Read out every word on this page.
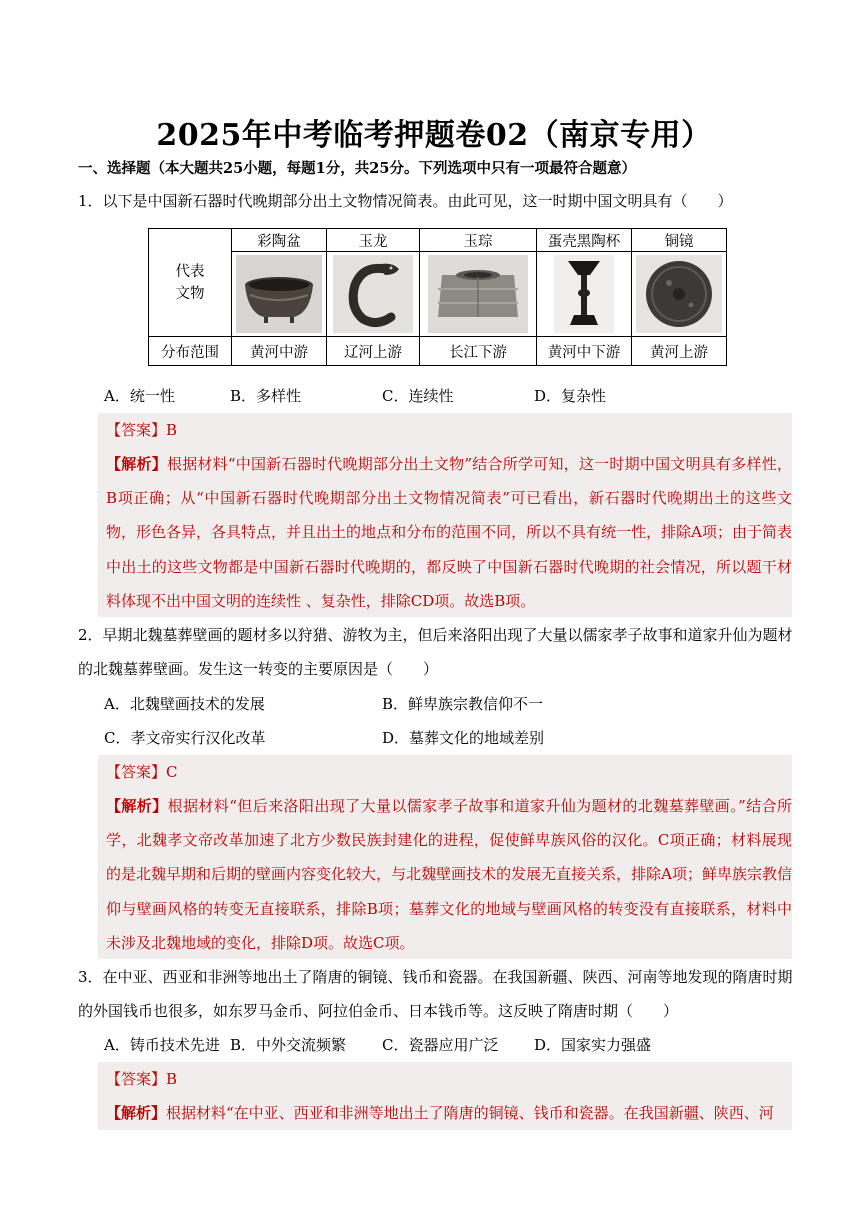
2025年中考临考押题卷02（南京专用）
一、选择题（本大题共25小题，每题1分，共25分。下列选项中只有一项最符合题意）
1．以下是中国新石器时代晚期部分出土文物情况简表。由此可见，这一时期中国文明具有（　　）
代表文物	彩陶盆	玉龙	玉琮	蛋壳黑陶杯	铜镜

分布范围	黄河中游	辽河上游	长江下游	黄河中下游	黄河上游
A．统一性	B．多样性	C．连续性	D．复杂性
【答案】B
【解析】根据材料“中国新石器时代晚期部分出土文物”结合所学可知，这一时期中国文明具有多样性，B项正确；从“中国新石器时代晚期部分出土文物情况简表”可已看出，新石器时代晚期出土的这些文物，形色各异，各具特点，并且出土的地点和分布的范围不同，所以不具有统一性，排除A项；由于简表中出土的这些文物都是中国新石器时代晚期的，都反映了中国新石器时代晚期的社会情况，所以题干材料体现不出中国文明的连续性 、复杂性，排除CD项。故选B项。
2．早期北魏墓葬壁画的题材多以狩猎、游牧为主，但后来洛阳出现了大量以儒家孝子故事和道家升仙为题材的北魏墓葬壁画。发生这一转变的主要原因是（　　）
A．北魏壁画技术的发展	B．鲜卑族宗教信仰不一
C．孝文帝实行汉化改革	D．墓葬文化的地域差别
【答案】C
【解析】根据材料“但后来洛阳出现了大量以儒家孝子故事和道家升仙为题材的北魏墓葬壁画。”结合所学，北魏孝文帝改革加速了北方少数民族封建化的进程，促使鲜卑族风俗的汉化。C项正确；材料展现的是北魏早期和后期的壁画内容变化较大，与北魏壁画技术的发展无直接关系，排除A项；鲜卑族宗教信仰与壁画风格的转变无直接联系，排除B项；墓葬文化的地域与壁画风格的转变没有直接联系，材料中未涉及北魏地域的变化，排除D项。故选C项。
3．在中亚、西亚和非洲等地出土了隋唐的铜镜、钱币和瓷器。在我国新疆、陕西、河南等地发现的隋唐时期的外国钱币也很多，如东罗马金币、阿拉伯金币、日本钱币等。这反映了隋唐时期（　　）
A．铸币技术先进 B．中外交流频繁 C．瓷器应用广泛 D．国家实力强盛
【答案】B
【解析】根据材料“在中亚、西亚和非洲等地出土了隋唐的铜镜、钱币和瓷器。在我国新疆、陕西、河
